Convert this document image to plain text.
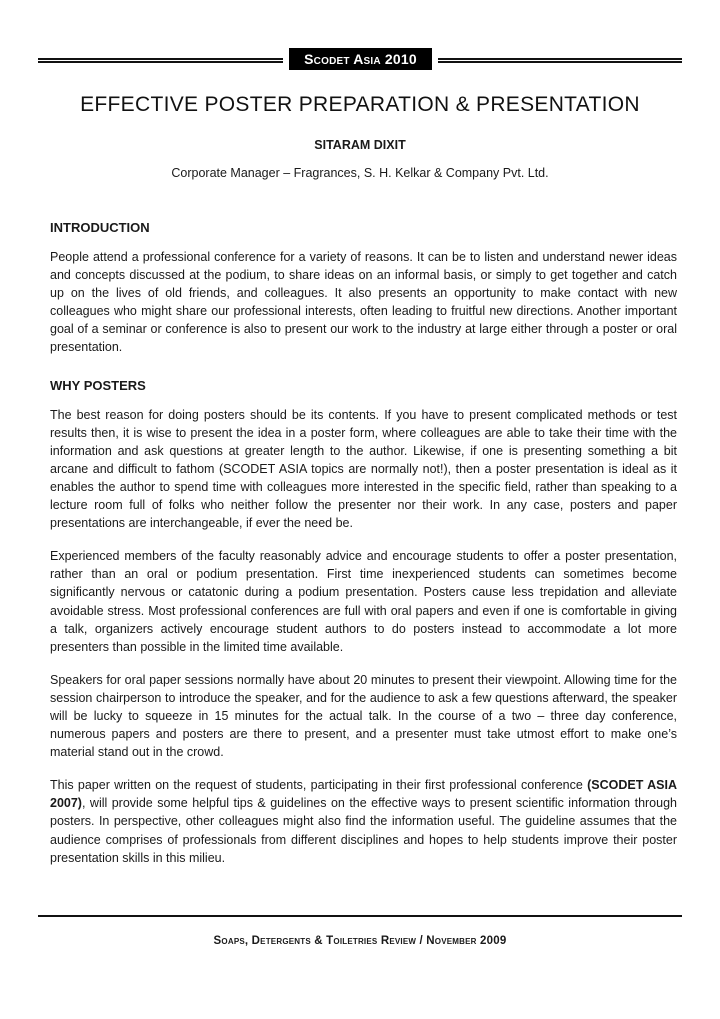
Scodet Asia 2010
EFFECTIVE POSTER PREPARATION & PRESENTATION
SITARAM DIXIT
Corporate Manager – Fragrances, S. H. Kelkar & Company Pvt. Ltd.
INTRODUCTION

People attend a professional conference for a variety of reasons. It can be to listen and understand newer ideas and concepts discussed at the podium, to share ideas on an informal basis, or simply to get together and catch up on the lives of old friends, and colleagues. It also presents an opportunity to make contact with new colleagues who might share our professional interests, often leading to fruitful new directions. Another important goal of a seminar or conference is also to present our work to the industry at large either through a poster or oral presentation.

WHY POSTERS

The best reason for doing posters should be its contents. If you have to present complicated methods or test results then, it is wise to present the idea in a poster form, where colleagues are able to take their time with the information and ask questions at greater length to the author. Likewise, if one is presenting something a bit arcane and difficult to fathom (SCODET ASIA topics are normally not!), then a poster presentation is ideal as it enables the author to spend time with colleagues more interested in the specific field, rather than speaking to a lecture room full of folks who neither follow the presenter nor their work. In any case, posters and paper presentations are interchangeable, if ever the need be.

Experienced members of the faculty reasonably advice and encourage students to offer a poster presentation, rather than an oral or podium presentation. First time inexperienced students can sometimes become significantly nervous or catatonic during a podium presentation. Posters cause less trepidation and alleviate avoidable stress. Most professional conferences are full with oral papers and even if one is comfortable in giving a talk, organizers actively encourage student authors to do posters instead to accommodate a lot more presenters than possible in the limited time available.

Speakers for oral paper sessions normally have about 20 minutes to present their viewpoint. Allowing time for the session chairperson to introduce the speaker, and for the audience to ask a few questions afterward, the speaker will be lucky to squeeze in 15 minutes for the actual talk. In the course of a two – three day conference, numerous papers and posters are there to present, and a presenter must take utmost effort to make one’s material stand out in the crowd.

This paper written on the request of students, participating in their first professional conference (SCODET ASIA 2007), will provide some helpful tips & guidelines on the effective ways to present scientific information through posters. In perspective, other colleagues might also find the information useful. The guideline assumes that the audience comprises of professionals from different disciplines and hopes to help students improve their poster presentation skills in this milieu.

Soaps, Detergents & Toiletries Review / November 2009
